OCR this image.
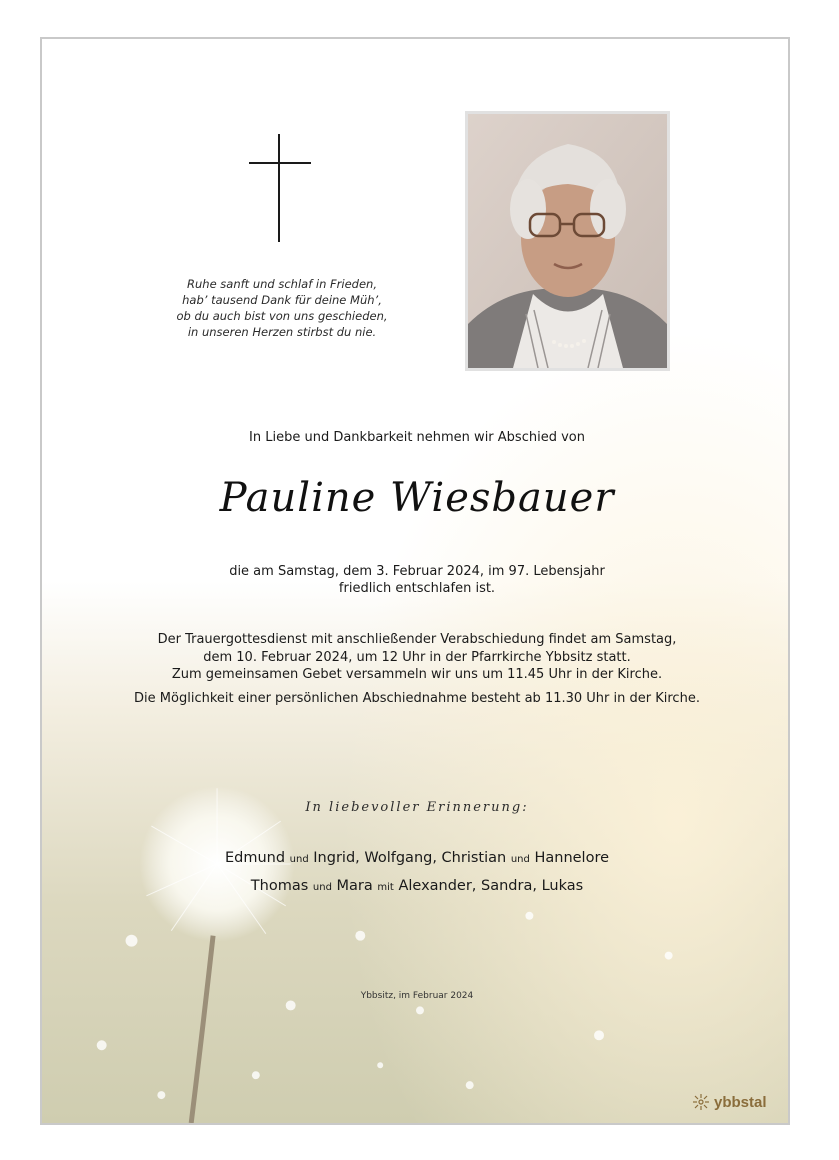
Ruhe sanft und schlaf in Frieden,
hab’ tausend Dank für deine Müh’,
ob du auch bist von uns geschieden,
in unseren Herzen stirbst du nie.
In Liebe und Dankbarkeit nehmen wir Abschied von
Pauline Wiesbauer
die am Samstag, dem 3. Februar 2024, im 97. Lebensjahr
friedlich entschlafen ist.

Der Trauergottesdienst mit anschließender Verabschiedung findet am Samstag,

dem 10. Februar 2024, um 12 Uhr in der Pfarrkirche Ybbsitz statt.

Zum gemeinsamen Gebet versammeln wir uns um 11.45 Uhr in der Kirche.

Die Möglichkeit einer persönlichen Abschiednahme besteht ab 11.30 Uhr in der Kirche.

In liebevoller Erinnerung:
Edmund und Ingrid, Wolfgang, Christian und Hannelore
Thomas und Mara mit Alexander, Sandra, Lukas
Ybbsitz, im Februar 2024
ybbstal
